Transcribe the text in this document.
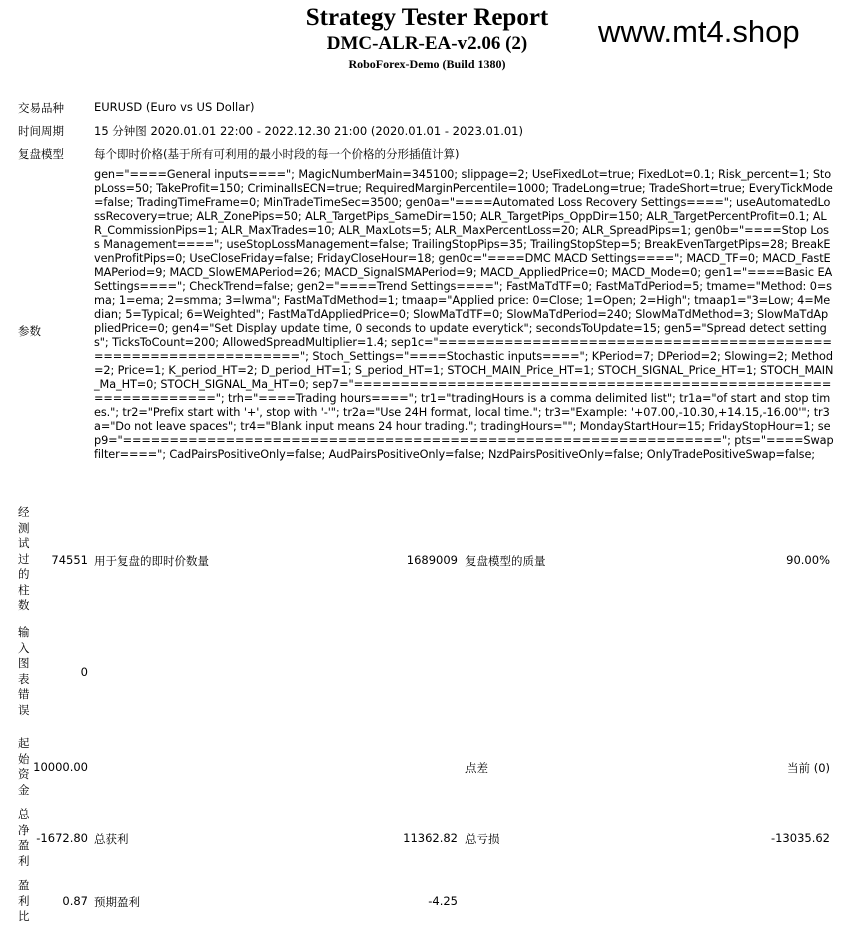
Strategy Tester Report
DMC-ALR-EA-v2.06 (2)
RoboForex-Demo (Build 1380)
www.mt4.shop
交易品种	EURUSD (Euro vs US Dollar)
时间周期	15 分钟图 2020.01.01 22:00 - 2022.12.30 21:00 (2020.01.01 - 2023.01.01)
复盘模型	每个即时价格(基于所有可利用的最小时段的每一个价格的分形插值计算)
参数
gen="====General inputs===="; MagicNumberMain=345100; slippage=2; UseFixedLot=true; FixedLot=0.1; Risk_percent=1; StopLoss=50; TakeProfit=150; CriminalIsECN=true; RequiredMarginPercentile=1000; TradeLong=true; TradeShort=true; EveryTickMode=false; TradingTimeFrame=0; MinTradeTimeSec=3500; gen0a="====Automated Loss Recovery Settings===="; useAutomatedLossRecovery=true; ALR_ZonePips=50; ALR_TargetPips_SameDir=150; ALR_TargetPips_OppDir=150; ALR_TargetPercentProfit=0.1; ALR_CommissionPips=1; ALR_MaxTrades=10; ALR_MaxLots=5; ALR_MaxPercentLoss=20; ALR_SpreadPips=1; gen0b="====Stop Loss Management===="; useStopLossManagement=false; TrailingStopPips=35; TrailingStopStep=5; BreakEvenTargetPips=28; BreakEvenProfitPips=0; UseCloseFriday=false; FridayCloseHour=18; gen0c="====DMC MACD Settings===="; MACD_TF=0; MACD_FastEMAPeriod=9; MACD_SlowEMAPeriod=26; MACD_SignalSMAPeriod=9; MACD_AppliedPrice=0; MACD_Mode=0; gen1="====Basic EA Settings===="; CheckTrend=false; gen2="====Trend Settings===="; FastMaTdTF=0; FastMaTdPeriod=5; tmame="Method: 0=sma; 1=ema; 2=smma; 3=lwma"; FastMaTdMethod=1; tmaap="Applied price: 0=Close; 1=Open; 2=High"; tmaap1="3=Low; 4=Median; 5=Typical; 6=Weighted"; FastMaTdAppliedPrice=0; SlowMaTdTF=0; SlowMaTdPeriod=240; SlowMaTdMethod=3; SlowMaTdAppliedPrice=0; gen4="Set Display update time, 0 seconds to update everytick"; secondsToUpdate=15; gen5="Spread detect settings"; TicksToCount=200; AllowedSpreadMultiplier=1.4; sep1c="================================================================"; Stoch_Settings="====Stochastic inputs===="; KPeriod=7; DPeriod=2; Slowing=2; Method=2; Price=1; K_period_HT=2; D_period_HT=1; S_period_HT=1; STOCH_MAIN_Price_HT=1; STOCH_SIGNAL_Price_HT=1; STOCH_MAIN_Ma_HT=0; STOCH_SIGNAL_Ma_HT=0; sep7="================================================================"; trh="====Trading hours===="; tr1="tradingHours is a comma delimited list"; tr1a="of start and stop times."; tr2="Prefix start with '+', stop with '-'"; tr2a="Use 24H format, local time."; tr3="Example: '+07.00,-10.30,+14.15,-16.00'"; tr3a="Do not leave spaces"; tr4="Blank input means 24 hour trading."; tradingHours=""; MondayStartHour=15; FridayStopHour=1; sep9="================================================================"; pts="====Swap filter===="; CadPairsPositiveOnly=false; AudPairsPositiveOnly=false; NzdPairsPositiveOnly=false; OnlyTradePositiveSwap=false;
经测试过的柱数
74551 用于复盘的即时价数量	1689009 复盘模型的质量	90.00%
输入图表错误
0
起始资金
10000.00	点差	当前 (0)
总净盈利
-1672.80 总获利	11362.82 总亏损	-13035.62
盈利比
0.87 预期盈利	-4.25
